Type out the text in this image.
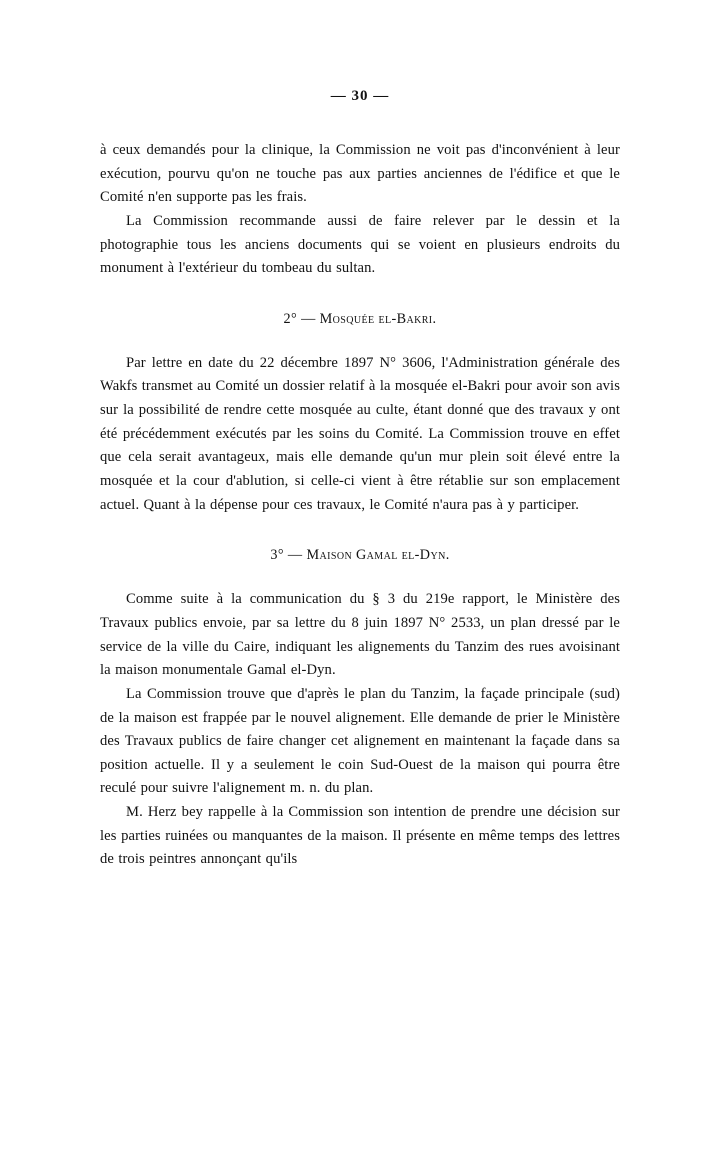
— 30 —

à ceux demandés pour la clinique, la Commission ne voit pas d'inconvénient à leur exécution, pourvu qu'on ne touche pas aux parties anciennes de l'édifice et que le Comité n'en supporte pas les frais.

La Commission recommande aussi de faire relever par le dessin et la photographie tous les anciens documents qui se voient en plusieurs endroits du monument à l'extérieur du tombeau du sultan.

2° — Mosquée el-Bakri.

Par lettre en date du 22 décembre 1897 N° 3606, l'Administration générale des Wakfs transmet au Comité un dossier relatif à la mosquée el-Bakri pour avoir son avis sur la possibilité de rendre cette mosquée au culte, étant donné que des travaux y ont été précédemment exécutés par les soins du Comité. La Commission trouve en effet que cela serait avantageux, mais elle demande qu'un mur plein soit élevé entre la mosquée et la cour d'ablution, si celle-ci vient à être rétablie sur son emplacement actuel. Quant à la dépense pour ces travaux, le Comité n'aura pas à y participer.

3° — Maison Gamal el-Dyn.

Comme suite à la communication du § 3 du 219e rapport, le Ministère des Travaux publics envoie, par sa lettre du 8 juin 1897 N° 2533, un plan dressé par le service de la ville du Caire, indiquant les alignements du Tanzim des rues avoisinant la maison monumentale Gamal el-Dyn.

La Commission trouve que d'après le plan du Tanzim, la façade principale (sud) de la maison est frappée par le nouvel alignement. Elle demande de prier le Ministère des Travaux publics de faire changer cet alignement en maintenant la façade dans sa position actuelle. Il y a seulement le coin Sud-Ouest de la maison qui pourra être reculé pour suivre l'alignement m. n. du plan.

M. Herz bey rappelle à la Commission son intention de prendre une décision sur les parties ruinées ou manquantes de la maison. Il présente en même temps des lettres de trois peintres annonçant qu'ils
